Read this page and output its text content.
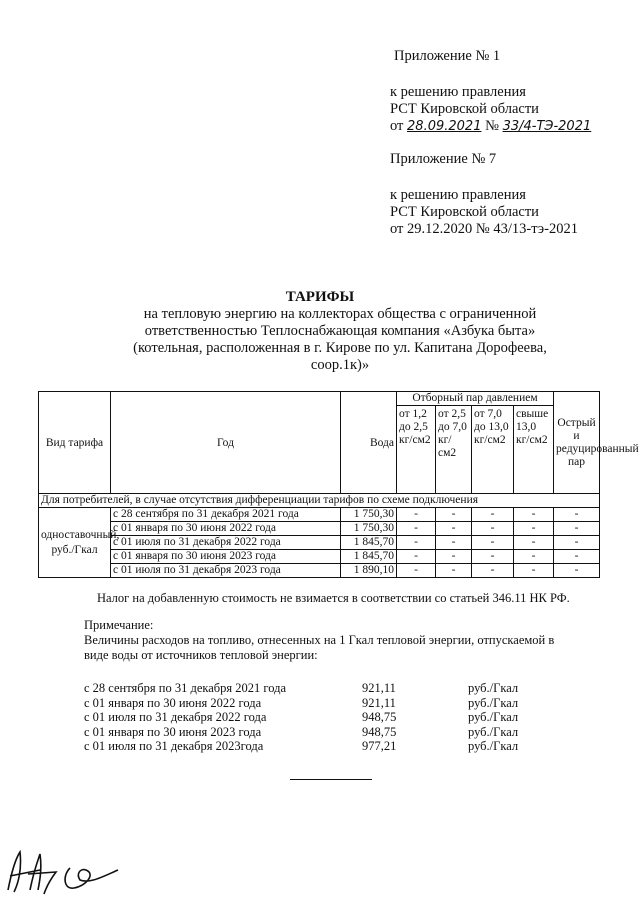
Приложение № 1
к решению правления
РСТ Кировской области
от 28.09.2021 № 33/4-ТЭ-2021
Приложение № 7
к решению правления
РСТ Кировской области
от 29.12.2020 № 43/13-тэ-2021
ТАРИФЫ
на тепловую энергию на коллекторах общества с ограниченной
ответственностью Теплоснабжающая компания «Азбука быта»
(котельная, расположенная в г. Кирове по ул. Капитана Дорофеева,
соор.1к)»
Вид тарифа	Год	Вода	Отборный пар давлением				Острый и редуцированный пар
			от 1,2 до 2,5 кг/см2	от 2,5 до 7,0 кг/см2	от 7,0 до 13,0 кг/см2	свыше 13,0 кг/см2	
Для потребителей, в случае отсутствия дифференциации тарифов по схеме подключения							
одноставочный, руб./Гкал	с 28 сентября по 31 декабря 2021 года	1 750,30	-	-	-	-	-
	с 01 января по 30 июня 2022 года	1 750,30	-	-	-	-	-
	с 01 июля по 31 декабря 2022 года	1 845,70	-	-	-	-	-
	с 01 января по 30 июня 2023 года	1 845,70	-	-	-	-	-
	с 01 июля по 31 декабря 2023 года	1 890,10	-	-	-	-	-
Налог на добавленную стоимость не взимается в соответствии со статьей 346.11 НК РФ.
Примечание:
Величины расходов на топливо, отнесенных на 1 Гкал тепловой энергии, отпускаемой в
виде воды от источников тепловой энергии:
с 28 сентября по 31 декабря 2021 года	921,11	руб./Гкал
с 01 января по 30 июня 2022 года	921,11	руб./Гкал
с 01 июля по 31 декабря 2022 года	948,75	руб./Гкал
с 01 января по 30 июня 2023 года	948,75	руб./Гкал
с 01 июля по 31 декабря 2023года	977,21	руб./Гкал
